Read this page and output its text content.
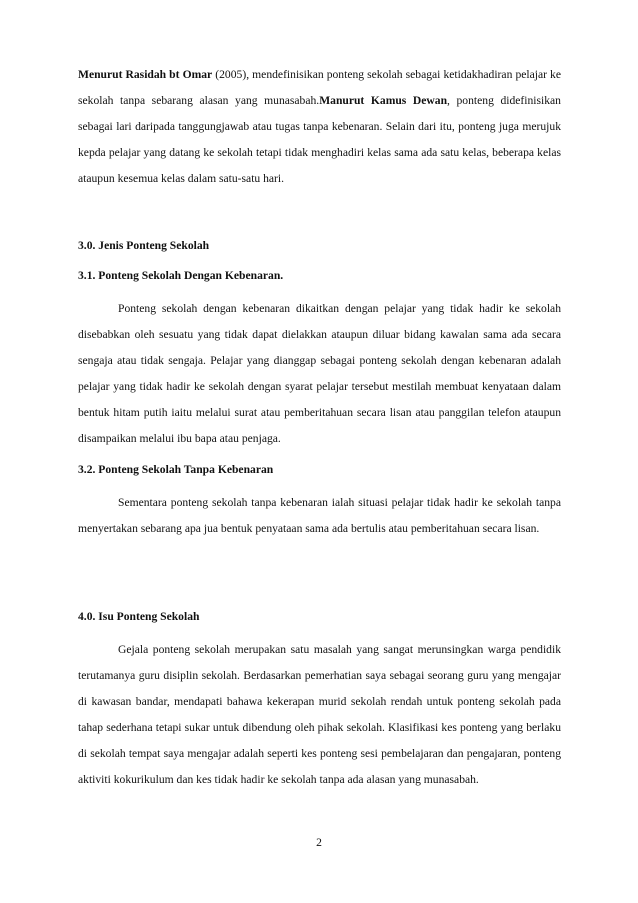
Menurut Rasidah bt Omar (2005), mendefinisikan ponteng sekolah sebagai ketidakhadiran pelajar ke sekolah tanpa sebarang alasan yang munasabah.Manurut Kamus Dewan, ponteng didefinisikan sebagai lari daripada tanggungjawab atau tugas tanpa kebenaran. Selain dari itu, ponteng juga merujuk kepda pelajar yang datang ke sekolah tetapi tidak menghadiri kelas sama ada satu kelas, beberapa kelas ataupun kesemua kelas dalam satu-satu hari.

3.0. Jenis Ponteng Sekolah

3.1. Ponteng Sekolah Dengan Kebenaran.

Ponteng sekolah dengan kebenaran dikaitkan dengan pelajar yang tidak hadir ke sekolah disebabkan oleh sesuatu yang tidak dapat dielakkan ataupun diluar bidang kawalan sama ada secara sengaja atau tidak sengaja. Pelajar yang dianggap sebagai ponteng sekolah dengan kebenaran adalah pelajar yang tidak hadir ke sekolah dengan syarat pelajar tersebut mestilah membuat kenyataan dalam bentuk hitam putih iaitu melalui surat atau pemberitahuan secara lisan atau panggilan telefon ataupun disampaikan melalui ibu bapa atau penjaga.

3.2. Ponteng Sekolah Tanpa Kebenaran

Sementara ponteng sekolah tanpa kebenaran ialah situasi pelajar tidak hadir ke sekolah tanpa menyertakan sebarang apa jua bentuk penyataan sama ada bertulis atau pemberitahuan secara lisan.

4.0. Isu Ponteng Sekolah

Gejala ponteng sekolah merupakan satu masalah yang sangat merunsingkan warga pendidik terutamanya guru disiplin sekolah. Berdasarkan pemerhatian saya sebagai seorang guru yang mengajar di kawasan bandar, mendapati bahawa kekerapan murid sekolah rendah untuk ponteng sekolah pada tahap sederhana tetapi sukar untuk dibendung oleh pihak sekolah. Klasifikasi kes ponteng yang berlaku di sekolah tempat saya mengajar adalah seperti kes ponteng sesi pembelajaran dan pengajaran, ponteng aktiviti kokurikulum dan kes tidak hadir ke sekolah tanpa ada alasan yang munasabah.

2
